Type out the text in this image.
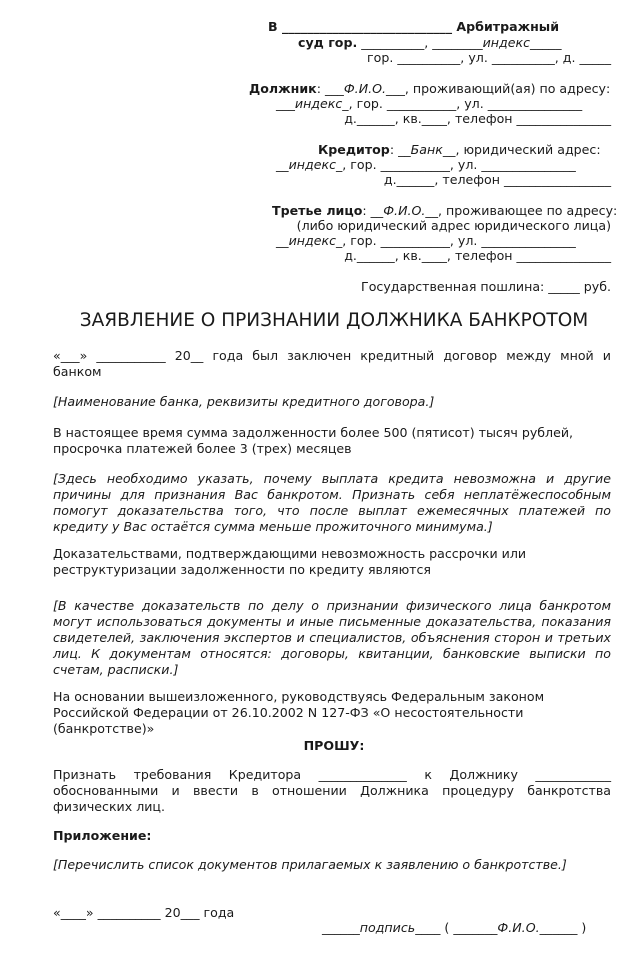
В ___________________________ Арбитражный
суд гор. __________, ________индекс_____
гор. __________, ул. __________, д. _____
Должник: ___Ф.И.О.___, проживающий(ая) по адресу:
___индекс_, гор. ___________, ул. _______________
д.______, кв.____, телефон _______________
Кредитор: __Банк__, юридический адрес:
__индекс_, гор. ___________, ул. _______________
д.______, телефон _________________
Третье лицо: __Ф.И.О.__, проживающее по адресу:
(либо юридический адрес юридического лица)
__индекс_, гор. ___________, ул. _______________
д.______, кв.____, телефон _______________
Государственная пошлина: _____ руб.
ЗАЯВЛЕНИЕ О ПРИЗНАНИИ ДОЛЖНИКА БАНКРОТОМ
«___» ___________ 20__ года был заключен кредитный договор между мной и
банком
[Наименование банка, реквизиты кредитного договора.]
В настоящее время сумма задолженности более 500 (пятисот) тысяч рублей, просрочка платежей более 3 (трех) месяцев
[Здесь необходимо указать, почему выплата кредита невозможна и другие причины для признания Вас банкротом. Признать себя неплатёжеспособным помогут доказательства того, что после выплат ежемесячных платежей по кредиту у Вас остаётся сумма меньше прожиточного минимума.]
Доказательствами, подтверждающими невозможность рассрочки или реструктуризации задолженности по кредиту являются
[В качестве доказательств по делу о признании физического лица банкротом могут использоваться документы и иные письменные доказательства, показания свидетелей, заключения экспертов и специалистов, объяснения сторон и третьих лиц. К документам относятся: договоры, квитанции, банковские выписки по счетам, расписки.]
На основании вышеизложенного, руководствуясь Федеральным законом Российской Федерации от 26.10.2002 N 127-ФЗ «О несостоятельности (банкротстве)»
ПРОШУ:
Признать требования Кредитора ______________ к Должнику ____________ обоснованными и ввести в отношении Должника процедуру банкротства физических лиц.
Приложение:
[Перечислить список документов прилагаемых к заявлению о банкротстве.]
«____» __________ 20___ года
______подпись____ ( _______Ф.И.О.______ )
